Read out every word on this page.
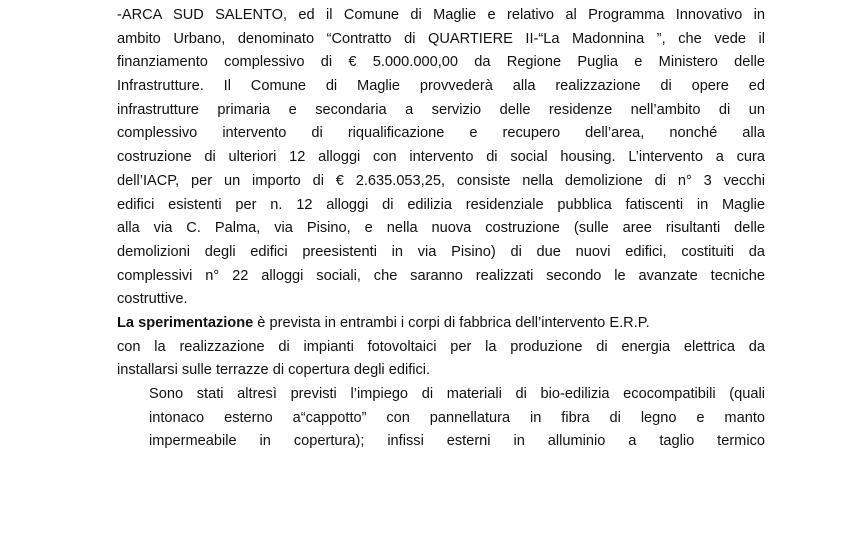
-ARCA SUD SALENTO, ed il Comune di Maglie e relativo al Programma Innovativo in
ambito Urbano, denominato “Contratto di QUARTIERE II-“La Madonnina ”, che vede il
finanziamento complessivo di € 5.000.000,00 da Regione Puglia e Ministero delle
Infrastrutture. Il Comune di Maglie provvederà alla realizzazione di opere ed
infrastrutture primaria e secondaria a servizio delle residenze nell’ambito di un
complessivo intervento di riqualificazione e recupero dell’area, nonché alla
costruzione di ulteriori 12 alloggi con intervento di social housing. L’intervento a cura
dell’IACP, per un importo di € 2.635.053,25, consiste nella demolizione di n° 3 vecchi
edifici esistenti per n. 12 alloggi di edilizia residenziale pubblica fatiscenti in Maglie
alla via C. Palma, via Pisino, e nella nuova costruzione (sulle aree risultanti delle
demolizioni degli edifici preesistenti in via Pisino) di due nuovi edifici, costituiti da
complessivi n° 22 alloggi sociali, che saranno realizzati secondo le avanzate tecniche
costruttive.
La sperimentazione è prevista in entrambi i corpi di fabbrica dell’intervento E.R.P.
con la realizzazione di impianti fotovoltaici per la produzione di energia elettrica da
installarsi sulle terrazze di copertura degli edifici.
Sono stati altresì previsti l’impiego di materiali di bio-edilizia ecocompatibili (quali
intonaco esterno a“cappotto” con pannellatura in fibra di legno e manto
impermeabile in copertura); infissi esterni in alluminio a taglio termico
